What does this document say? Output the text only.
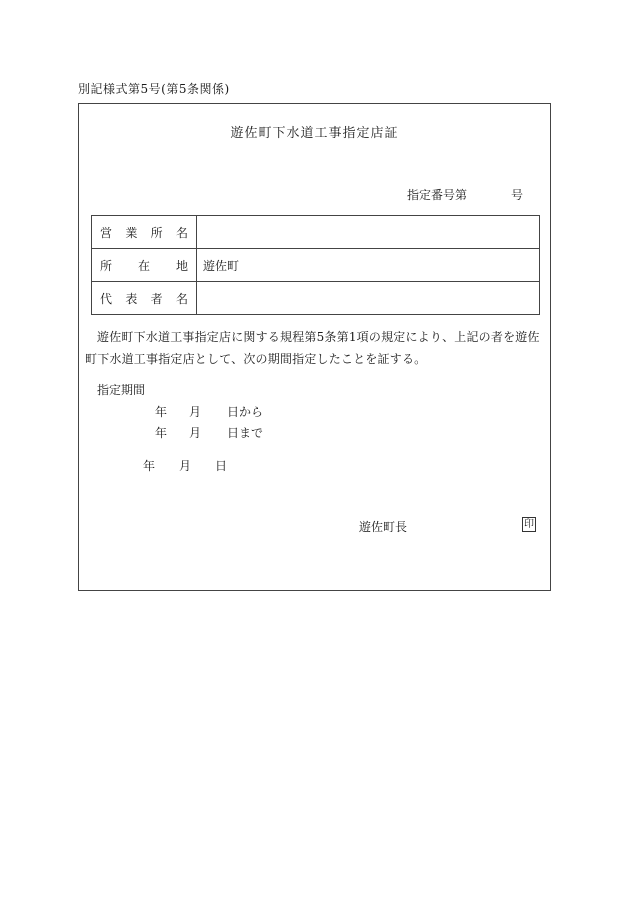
別記様式第5号(第5条関係)
遊佐町下水道工事指定店証
指定番号第	号
営 業 所 名	

所 在 地	遊佐町

代 表 者 名	

遊佐町下水道工事指定店に関する規程第5条第1項の規定により、上記の者を遊佐町下水道工事指定店として、次の期間指定したことを証する。
指定期間
年 月 日から
年 月 日まで
年 月 日
遊佐町長	印
